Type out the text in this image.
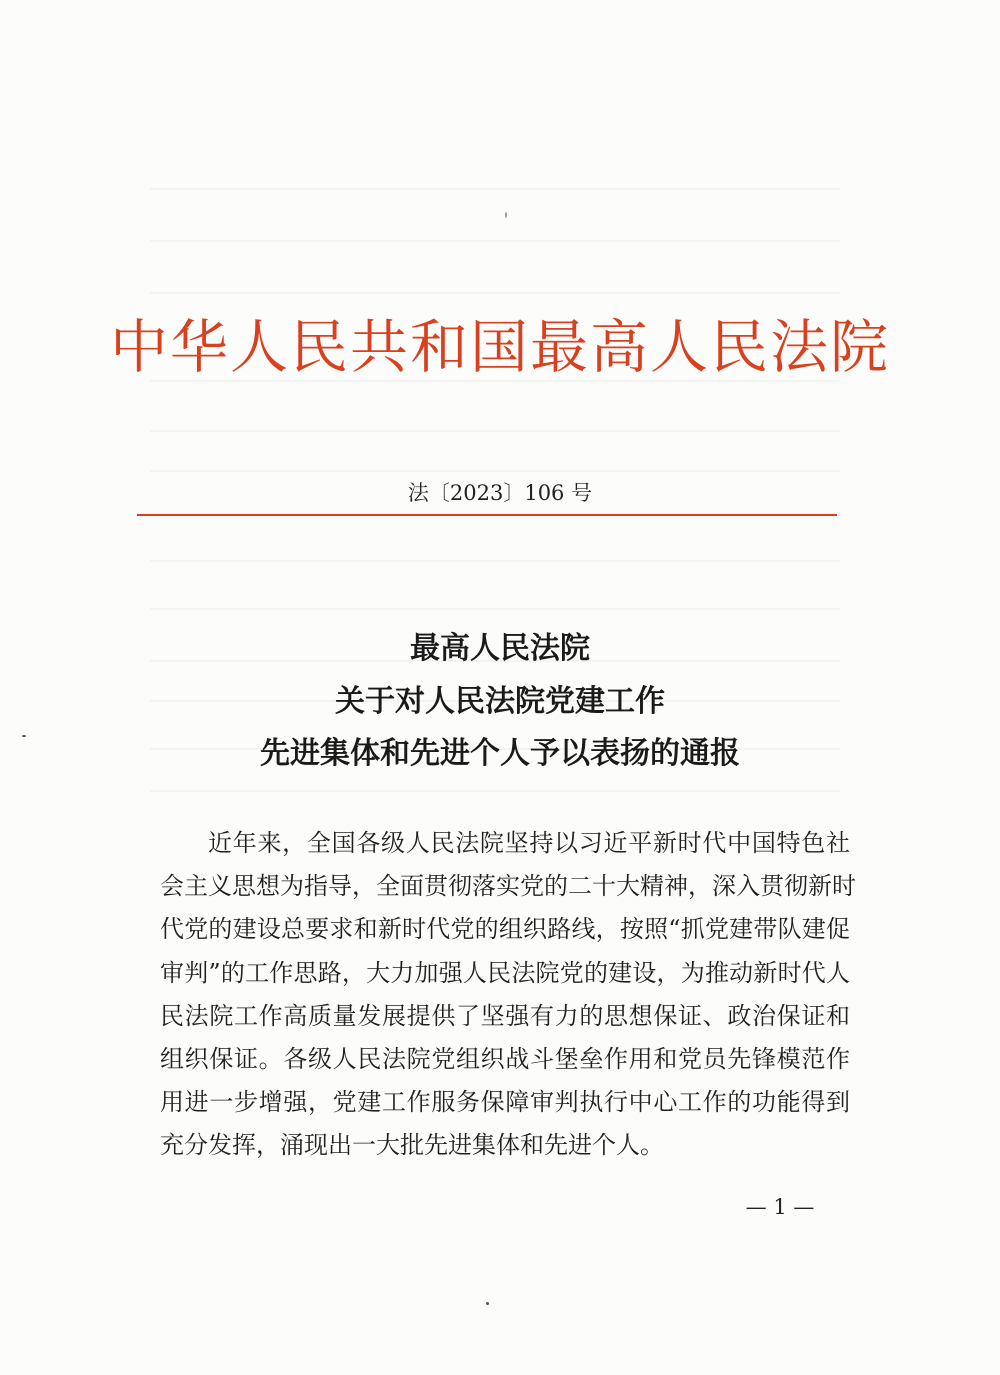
中华人民共和国最高人民法院
法〔2023〕106 号
最高人民法院
关于对人民法院党建工作
先进集体和先进个人予以表扬的通报
近年来，全国各级人民法院坚持以习近平新时代中国特色社
会主义思想为指导，全面贯彻落实党的二十大精神，深入贯彻新时
代党的建设总要求和新时代党的组织路线，按照“抓党建带队建促
审判”的工作思路，大力加强人民法院党的建设，为推动新时代人
民法院工作高质量发展提供了坚强有力的思想保证、政治保证和
组织保证。各级人民法院党组织战斗堡垒作用和党员先锋模范作
用进一步增强，党建工作服务保障审判执行中心工作的功能得到
充分发挥，涌现出一大批先进集体和先进个人。
— 1 —
